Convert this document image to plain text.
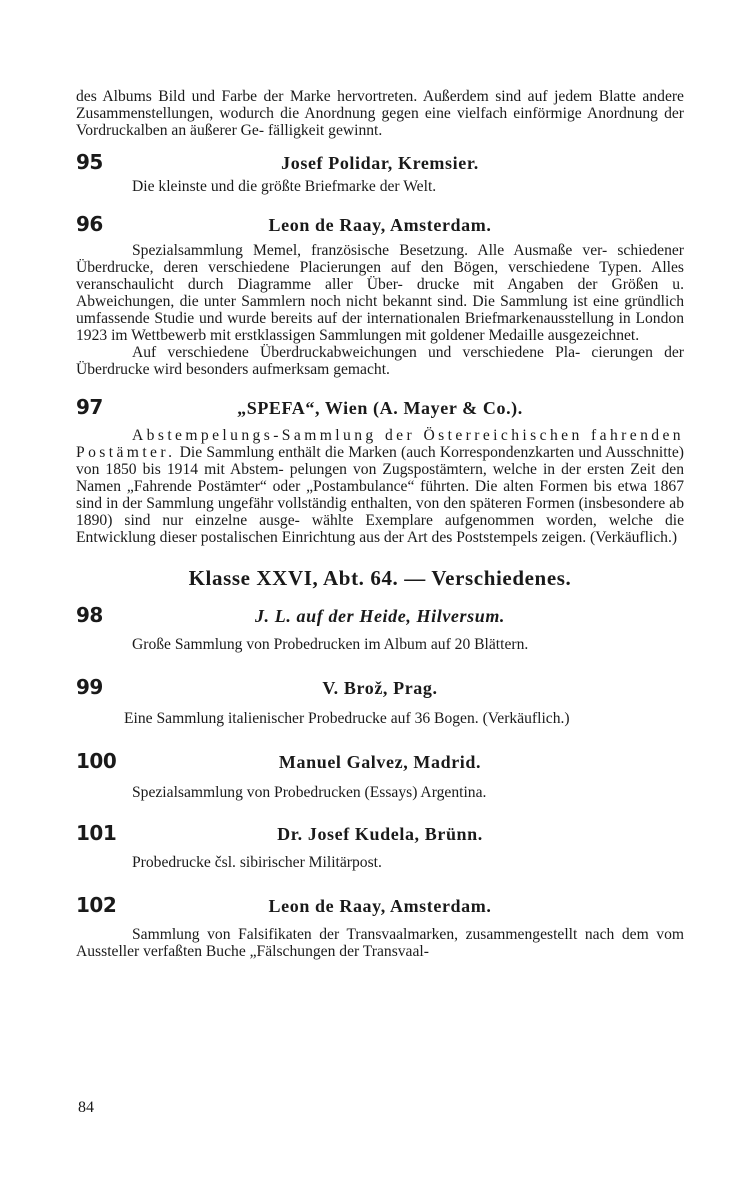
des Albums Bild und Farbe der Marke hervortreten. Außerdem sind auf jedem Blatte andere Zusammenstellungen, wodurch die Anordnung gegen eine vielfach einförmige Anordnung der Vordruckalben an äußerer Ge- fälligkeit gewinnt.

95	Josef Polidar, Kremsier.

Die kleinste und die größte Briefmarke der Welt.

96	Leon de Raay, Amsterdam.

Spezialsammlung Memel, französische Besetzung. Alle Ausmaße ver- schiedener Überdrucke, deren verschiedene Placierungen auf den Bögen, verschiedene Typen. Alles veranschaulicht durch Diagramme aller Über- drucke mit Angaben der Größen u. Abweichungen, die unter Sammlern noch nicht bekannt sind. Die Sammlung ist eine gründlich umfassende Studie und wurde bereits auf der internationalen Briefmarkenausstellung in London 1923 im Wettbewerb mit erstklassigen Sammlungen mit goldener Medaille ausgezeichnet.

Auf verschiedene Überdruckabweichungen und verschiedene Pla- cierungen der Überdrucke wird besonders aufmerksam gemacht.

97	„SPEFA“, Wien (A. Mayer & Co.).

Abstempelungs-Sammlung der Österreichischen fahrenden Postämter. Die Sammlung enthält die Marken (auch Korrespondenzkarten und Ausschnitte) von 1850 bis 1914 mit Abstem- pelungen von Zugspostämtern, welche in der ersten Zeit den Namen „Fahrende Postämter“ oder „Postambulance“ führten. Die alten Formen bis etwa 1867 sind in der Sammlung ungefähr vollständig enthalten, von den späteren Formen (insbesondere ab 1890) sind nur einzelne ausge- wählte Exemplare aufgenommen worden, welche die Entwicklung dieser postalischen Einrichtung aus der Art des Poststempels zeigen. (Verkäuflich.)

Klasse XXVI, Abt. 64. — Verschiedenes.

98	J. L. auf der Heide, Hilversum.

Große Sammlung von Probedrucken im Album auf 20 Blättern.

99	V. Brož, Prag.

Eine Sammlung italienischer Probedrucke auf 36 Bogen. (Verkäuflich.)

100	Manuel Galvez, Madrid.

Spezialsammlung von Probedrucken (Essays) Argentina.

101	Dr. Josef Kudela, Brünn.

Probedrucke čsl. sibirischer Militärpost.

102	Leon de Raay, Amsterdam.

Sammlung von Falsifikaten der Transvaalmarken, zusammengestellt nach dem vom Aussteller verfaßten Buche „Fälschungen der Transvaal-

84
